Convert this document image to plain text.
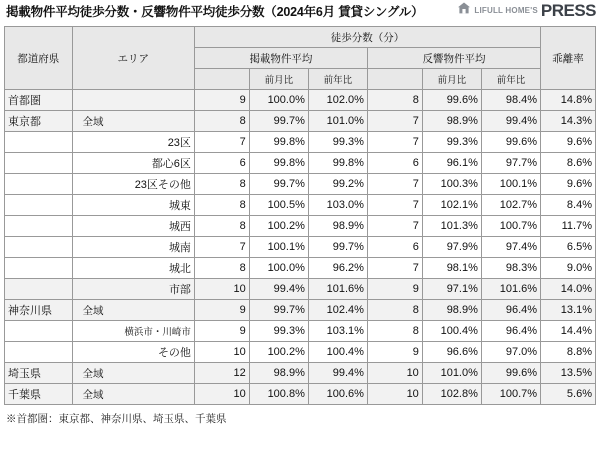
掲載物件平均徒歩分数・反響物件平均徒歩分数（2024年6月 賃貸シングル）	LIFULL HOME'S PRESS
都道府県	エリア	徒歩分数（分）						乖離率
		掲載物件平均			反響物件平均			
			前月比	前年比		前月比	前年比	
首都圏		9	100.0%	102.0%	8	99.6%	98.4%	14.8%
東京都	全域	8	99.7%	101.0%	7	98.9%	99.4%	14.3%
	23区	7	99.8%	99.3%	7	99.3%	99.6%	9.6%
	都心6区	6	99.8%	99.8%	6	96.1%	97.7%	8.6%
	23区その他	8	99.7%	99.2%	7	100.3%	100.1%	9.6%
	城東	8	100.5%	103.0%	7	102.1%	102.7%	8.4%
	城西	8	100.2%	98.9%	7	101.3%	100.7%	11.7%
	城南	7	100.1%	99.7%	6	97.9%	97.4%	6.5%
	城北	8	100.0%	96.2%	7	98.1%	98.3%	9.0%
	市部	10	99.4%	101.6%	9	97.1%	101.6%	14.0%
神奈川県	全域	9	99.7%	102.4%	8	98.9%	96.4%	13.1%
	横浜市・川崎市	9	99.3%	103.1%	8	100.4%	96.4%	14.4%
	その他	10	100.2%	100.4%	9	96.6%	97.0%	8.8%
埼玉県	全域	12	98.9%	99.4%	10	101.0%	99.6%	13.5%
千葉県	全域	10	100.8%	100.6%	10	102.8%	100.7%	5.6%
※首都圏：東京都、神奈川県、埼玉県、千葉県
